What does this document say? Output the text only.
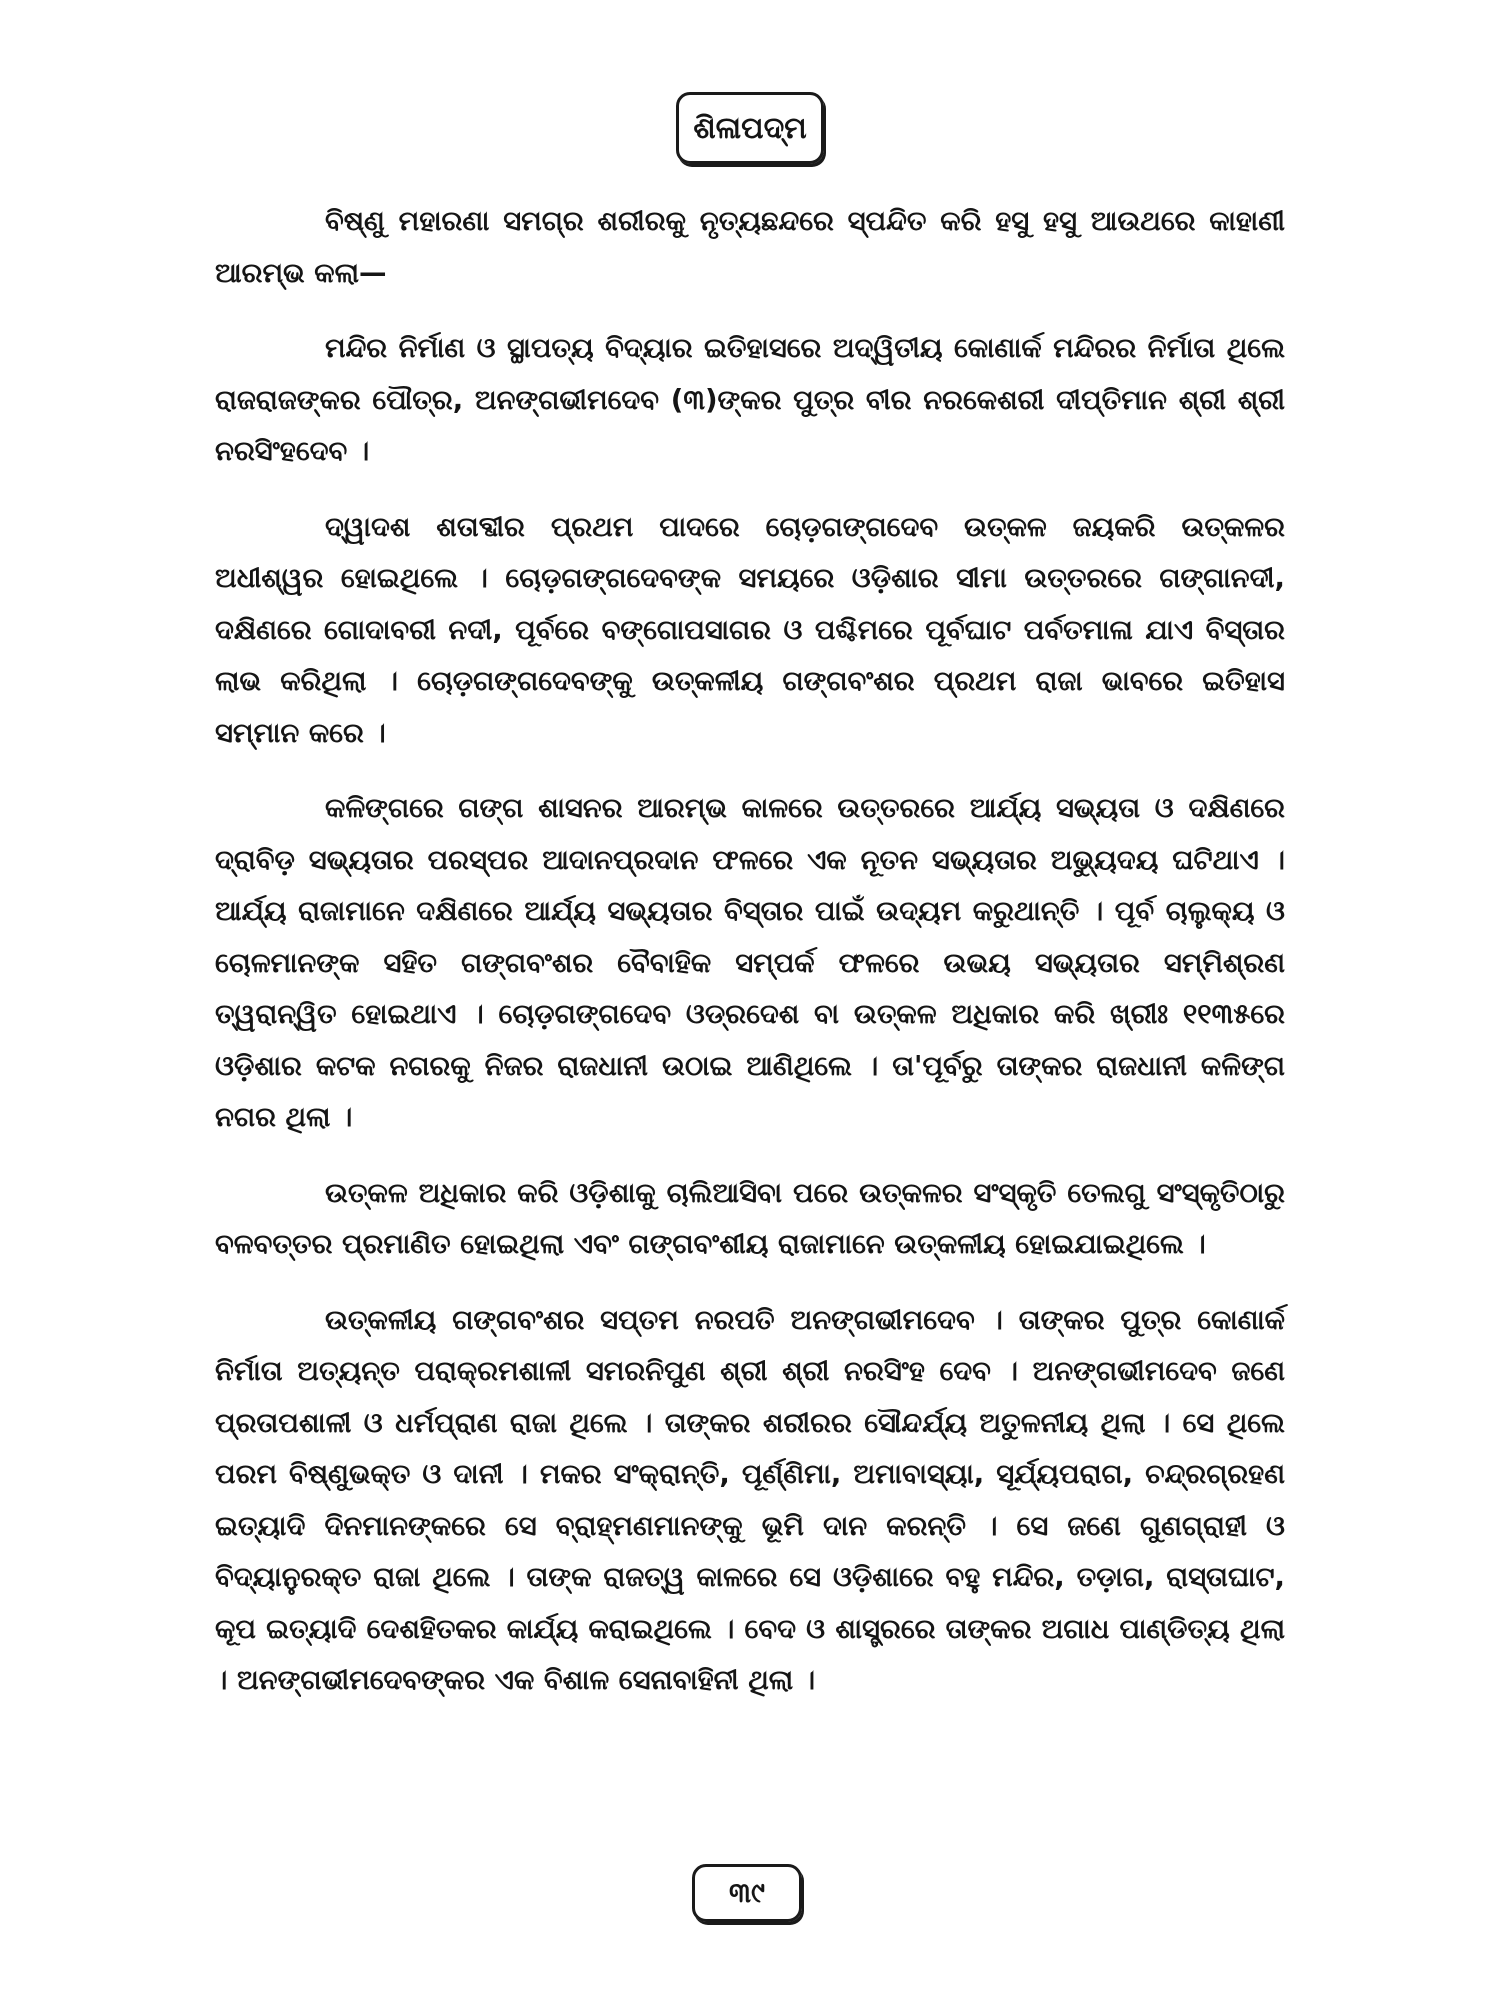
ଶିଳାପଦ୍ମ

ବିଷ୍ଣୁ ମହାରଣା ସମଗ୍ର ଶରୀରକୁ ନୃତ୍ୟଛନ୍ଦରେ ସ୍ପନ୍ଦିତ କରି ହସୁ ହସୁ ଆଉଥରେ କାହାଣୀ ଆରମ୍ଭ କଲା—

ମନ୍ଦିର ନିର୍ମାଣ ଓ ସ୍ଥାପତ୍ୟ ବିଦ୍ୟାର ଇତିହାସରେ ଅଦ୍ୱିତୀୟ କୋଣାର୍କ ମନ୍ଦିରର ନିର୍ମାତା ଥିଲେ ରାଜରାଜଙ୍କର ପୌତ୍ର, ଅନଙ୍ଗଭୀମଦେବ (୩)ଙ୍କର ପୁତ୍ର ବୀର ନରକେଶରୀ ଦୀପ୍ତିମାନ ଶ୍ରୀ ଶ୍ରୀ ନରସିଂହଦେବ ।

ଦ୍ୱାଦଶ ଶତାବ୍ଦୀର ପ୍ରଥମ ପାଦରେ ଚୋଡ଼ଗଙ୍ଗଦେବ ଉତ୍କଳ ଜୟକରି ଉତ୍କଳର ଅଧୀଶ୍ୱର ହୋଇଥିଲେ । ଚୋଡ଼ଗଙ୍ଗଦେବଙ୍କ ସମୟରେ ଓଡ଼ିଶାର ସୀମା ଉତ୍ତରରେ ଗଙ୍ଗାନଦୀ, ଦକ୍ଷିଣରେ ଗୋଦାବରୀ ନଦୀ, ପୂର୍ବରେ ବଙ୍ଗୋପସାଗର ଓ ପଶ୍ଚିମରେ ପୂର୍ବଘାଟ ପର୍ବତମାଳା ଯାଏ ବିସ୍ତାର ଲାଭ କରିଥିଲା । ଚୋଡ଼ଗଙ୍ଗଦେବଙ୍କୁ ଉତ୍କଳୀୟ ଗଙ୍ଗବଂଶର ପ୍ରଥମ ରାଜା ଭାବରେ ଇତିହାସ ସମ୍ମାନ କରେ ।

କଳିଙ୍ଗରେ ଗଙ୍ଗ ଶାସନର ଆରମ୍ଭ କାଳରେ ଉତ୍ତରରେ ଆର୍ଯ୍ୟ ସଭ୍ୟତା ଓ ଦକ୍ଷିଣରେ ଦ୍ରାବିଡ଼ ସଭ୍ୟତାର ପରସ୍ପର ଆଦାନପ୍ରଦାନ ଫଳରେ ଏକ ନୂତନ ସଭ୍ୟତାର ଅଭ୍ୟୁଦୟ ଘଟିଥାଏ । ଆର୍ଯ୍ୟ ରାଜାମାନେ ଦକ୍ଷିଣରେ ଆର୍ଯ୍ୟ ସଭ୍ୟତାର ବିସ୍ତାର ପାଇଁ ଉଦ୍ୟମ କରୁଥାନ୍ତି । ପୂର୍ବ ଚାଲୁକ୍ୟ ଓ ଚୋଳମାନଙ୍କ ସହିତ ଗଙ୍ଗବଂଶର ବୈବାହିକ ସମ୍ପର୍କ ଫଳରେ ଉଭୟ ସଭ୍ୟତାର ସମ୍ମିଶ୍ରଣ ତ୍ୱରାନ୍ୱିତ ହୋଇଥାଏ । ଚୋଡ଼ଗଙ୍ଗଦେବ ଓଡ୍ରଦେଶ ବା ଉତ୍କଳ ଅଧିକାର କରି ଖ୍ରୀଃ ୧୧୩୫ରେ ଓଡ଼ିଶାର କଟକ ନଗରକୁ ନିଜର ରାଜଧାନୀ ଉଠାଇ ଆଣିଥିଲେ । ତା'ପୂର୍ବରୁ ତାଙ୍କର ରାଜଧାନୀ କଳିଙ୍ଗ ନଗର ଥିଲା ।

ଉତ୍କଳ ଅଧିକାର କରି ଓଡ଼ିଶାକୁ ଚାଲିଆସିବା ପରେ ଉତ୍କଳର ସଂସ୍କୃତି ତେଲଗୁ ସଂସ୍କୃତିଠାରୁ ବଳବତ୍ତର ପ୍ରମାଣିତ ହୋଇଥିଲା ଏବଂ ଗଙ୍ଗବଂଶୀୟ ରାଜାମାନେ ଉତ୍କଳୀୟ ହୋଇଯାଇଥିଲେ ।

ଉତ୍କଳୀୟ ଗଙ୍ଗବଂଶର ସପ୍ତମ ନରପତି ଅନଙ୍ଗଭୀମଦେବ । ତାଙ୍କର ପୁତ୍ର କୋଣାର୍କ ନିର୍ମାତା ଅତ୍ୟନ୍ତ ପରାକ୍ରମଶାଳୀ ସମରନିପୁଣ ଶ୍ରୀ ଶ୍ରୀ ନରସିଂହ ଦେବ । ଅନଙ୍ଗଭୀମଦେବ ଜଣେ ପ୍ରତାପଶାଳୀ ଓ ଧର୍ମପ୍ରାଣ ରାଜା ଥିଲେ । ତାଙ୍କର ଶରୀରର ସୌନ୍ଦର୍ଯ୍ୟ ଅତୁଳନୀୟ ଥିଲା । ସେ ଥିଲେ ପରମ ବିଷ୍ଣୁଭକ୍ତ ଓ ଦାନୀ । ମକର ସଂକ୍ରାନ୍ତି, ପୂର୍ଣ୍ଣିମା, ଅମାବାସ୍ୟା, ସୂର୍ଯ୍ୟପରାଗ, ଚନ୍ଦ୍ରଗ୍ରହଣ ଇତ୍ୟାଦି ଦିନମାନଙ୍କରେ ସେ ବ୍ରାହ୍ମଣମାନଙ୍କୁ ଭୂମି ଦାନ କରନ୍ତି । ସେ ଜଣେ ଗୁଣଗ୍ରାହୀ ଓ ବିଦ୍ୟାନୁରକ୍ତ ରାଜା ଥିଲେ । ତାଙ୍କ ରାଜତ୍ୱ କାଳରେ ସେ ଓଡ଼ିଶାରେ ବହୁ ମନ୍ଦିର, ତଡ଼ାଗ, ରାସ୍ତାଘାଟ, କୂପ ଇତ୍ୟାଦି ଦେଶହିତକର କାର୍ଯ୍ୟ କରାଇଥିଲେ । ବେଦ ଓ ଶାସ୍ତ୍ରରେ ତାଙ୍କର ଅଗାଧ ପାଣ୍ଡିତ୍ୟ ଥିଲା । ଅନଙ୍ଗଭୀମଦେବଙ୍କର ଏକ ବିଶାଳ ସେନାବାହିନୀ ଥିଲା ।

୩୯
